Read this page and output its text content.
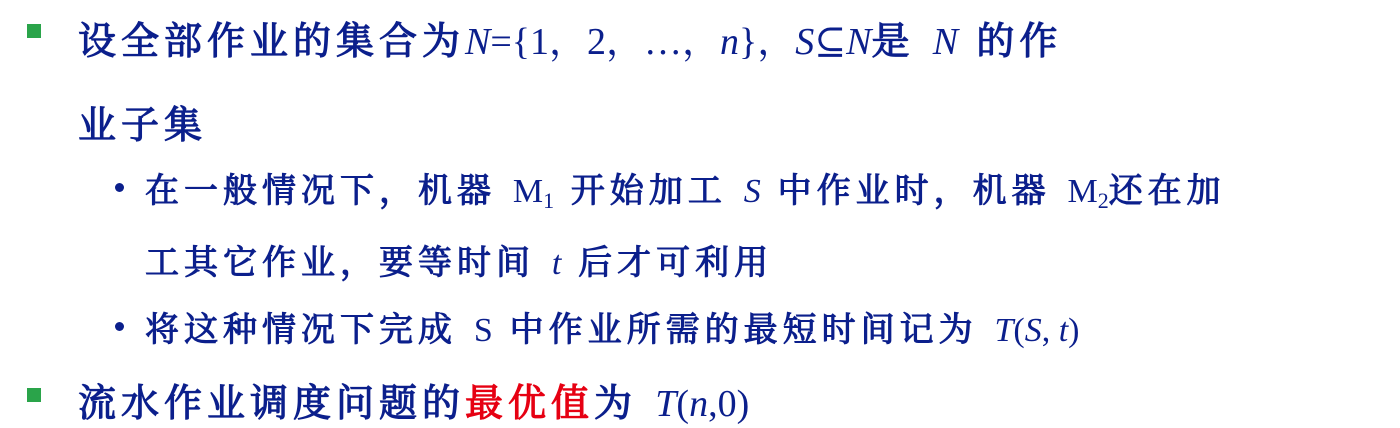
设全部作业的集合为N={1，2，…，n}，S⊆N是 N 的作
业子集
在一般情况下，机器 $M_1$ 开始加工 S 中作业时，机器 $M_2$还在加
工其它作业，要等时间 t 后才可利用
将这种情况下完成 S 中作业所需的最短时间记为 T(S, t)
流水作业调度问题的最优值为 T(n,0)
